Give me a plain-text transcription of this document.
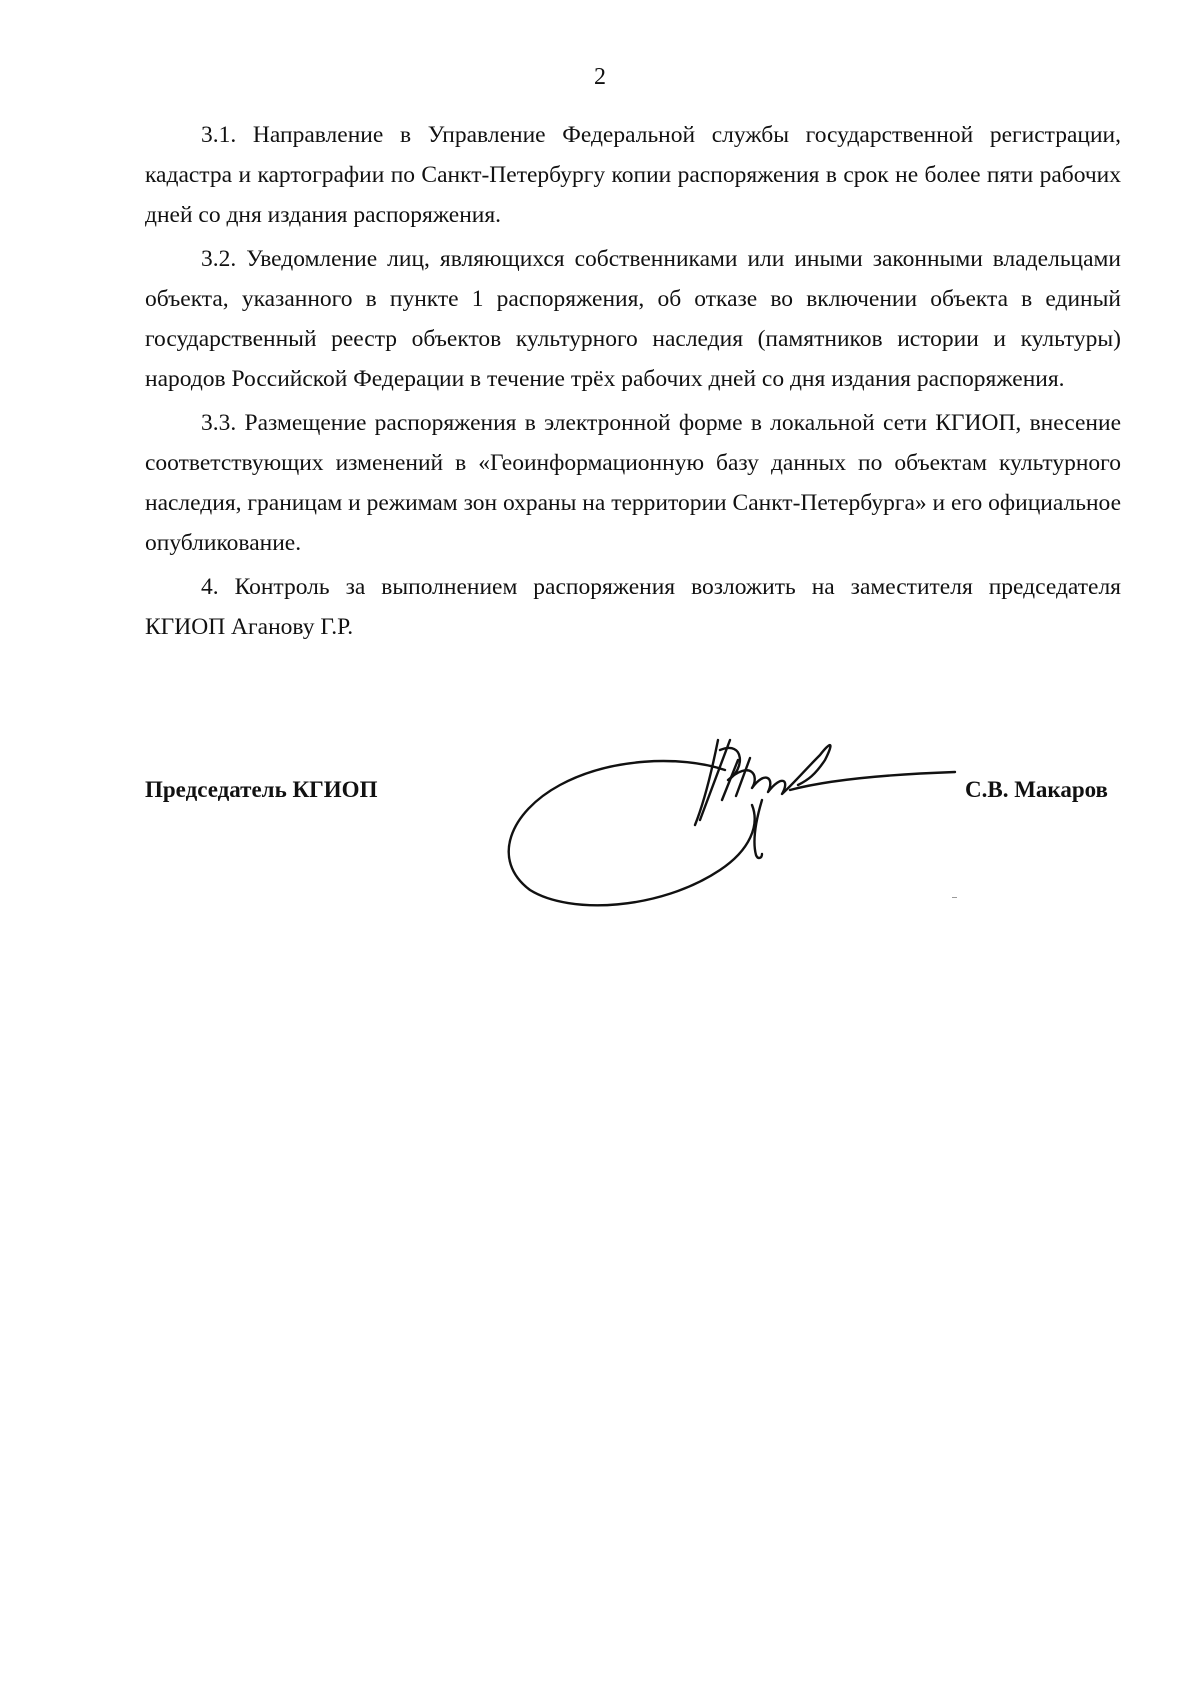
2

3.1. Направление в Управление Федеральной службы государственной регистрации, кадастра и картографии по Санкт-Петербургу копии распоряжения в срок не более пяти рабочих дней со дня издания распоряжения.

3.2. Уведомление лиц, являющихся собственниками или иными законными владельцами объекта, указанного в пункте 1 распоряжения, об отказе во включении объекта в единый государственный реестр объектов культурного наследия (памятников истории и культуры) народов Российской Федерации в течение трёх рабочих дней со дня издания распоряжения.

3.3. Размещение распоряжения в электронной форме в локальной сети КГИОП, внесение соответствующих изменений в «Геоинформационную базу данных по объектам культурного наследия, границам и режимам зон охраны на территории Санкт-Петербурга» и его официальное опубликование.

4. Контроль за выполнением распоряжения возложить на заместителя председателя КГИОП Аганову Г.Р.

Председатель КГИОП	С.В. Макаров
